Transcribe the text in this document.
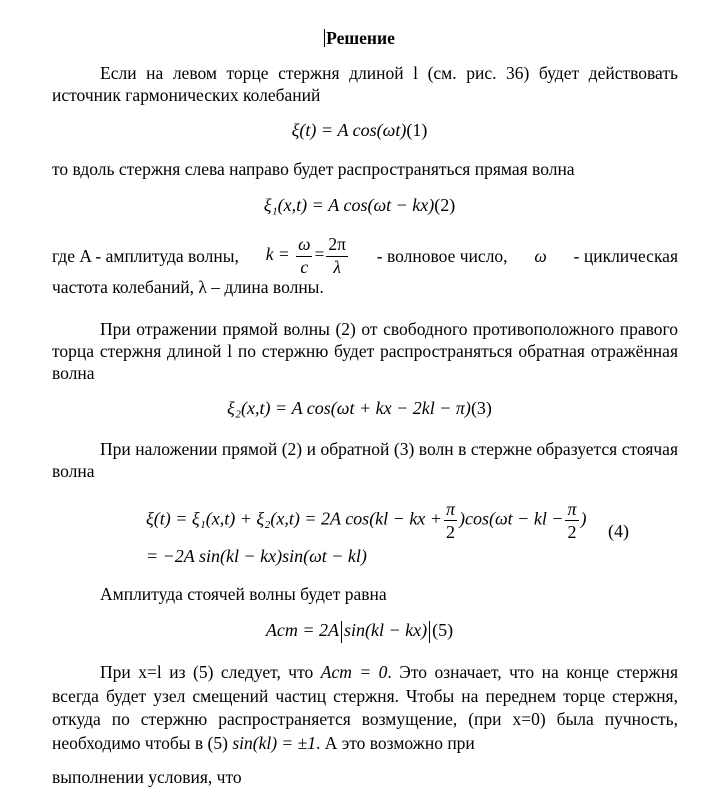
Решение
Если на левом торце стержня длиной l (см. рис. 36) будет действовать источник гармонических колебаний
ξ(t) = A cos(ωt)(1)
то вдоль стержня слева направо будет распространяться прямая волна
ξ₁(x,t) = A cos(ωt − kx)(2)
где A - амплитуда волны, $k = \frac{\omega}{c} = \frac{2\pi}{\lambda}$ - волновое число, ω - циклическая
частота колебаний, λ – длина волны.
При отражении прямой волны (2) от свободного противоположного правого торца стержня длиной l по стержню будет распространяться обратная отражённая волна
ξ₂(x,t) = A cos(ωt + kx − 2kl − π)(3)
При наложении прямой (2) и обратной (3) волн в стержне образуется стоячая волна
ξ(t) = ξ₁(x,t) + ξ₂(x,t) = 2A cos(kl − kx + $\frac{\pi}{2} )\cos(\omega t$ − kl − $\frac{\pi}{2}$ )
(4)
= −2A sin(kl − kx)sin(ωt − kl)
Амплитуда стоячей волны будет равна
Aст = 2A sin(kl − kx) (5)
При x=l из (5) следует, что Aст = 0. Это означает, что на конце стержня всегда будет узел смещений частиц стержня. Чтобы на переднем торце стержня, откуда по стержню распространяется возмущение, (при x=0) была пучность, необходимо чтобы в (5) sin(kl) = ±1. А это возможно при
выполнении условия, что
